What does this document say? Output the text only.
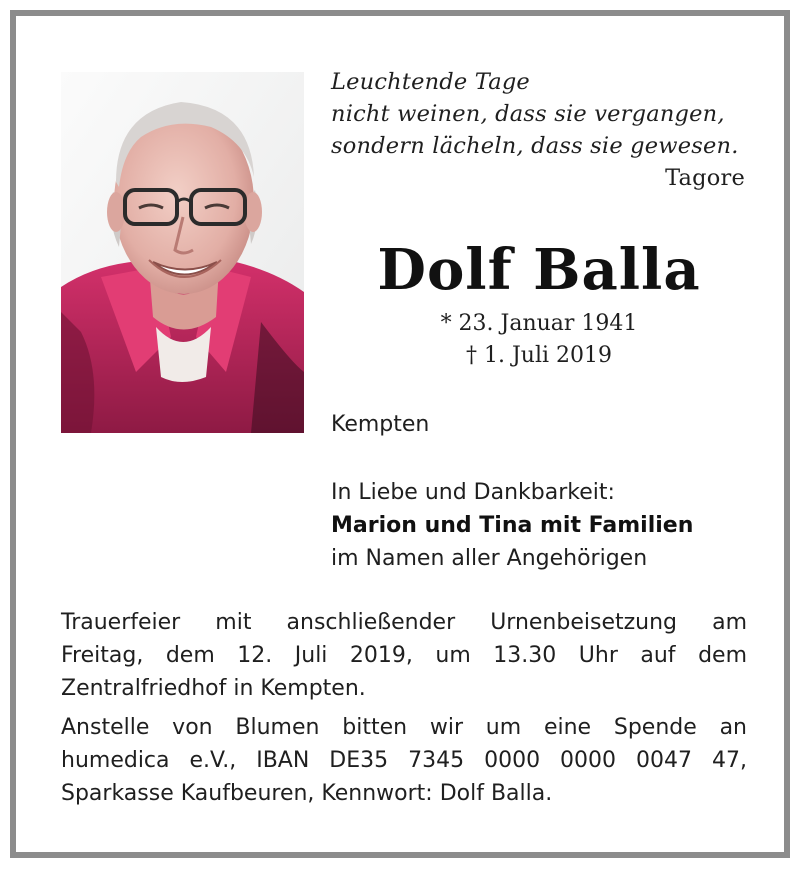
Leuchtende Tage
nicht weinen, dass sie vergangen,
sondern lächeln, dass sie gewesen.
Tagore
Dolf Balla
* 23. Januar 1941
† 1. Juli 2019
Kempten
In Liebe und Dankbarkeit:
Marion und Tina mit Familien
im Namen aller Angehörigen
Trauerfeier mit anschließender Urnenbeisetzung am
Freitag, dem 12. Juli 2019, um 13.30 Uhr auf dem
Zentralfriedhof in Kempten.
Anstelle von Blumen bitten wir um eine Spende an
humedica e.V., IBAN DE35 7345 0000 0000 0047 47,
Sparkasse Kaufbeuren, Kennwort: Dolf Balla.
